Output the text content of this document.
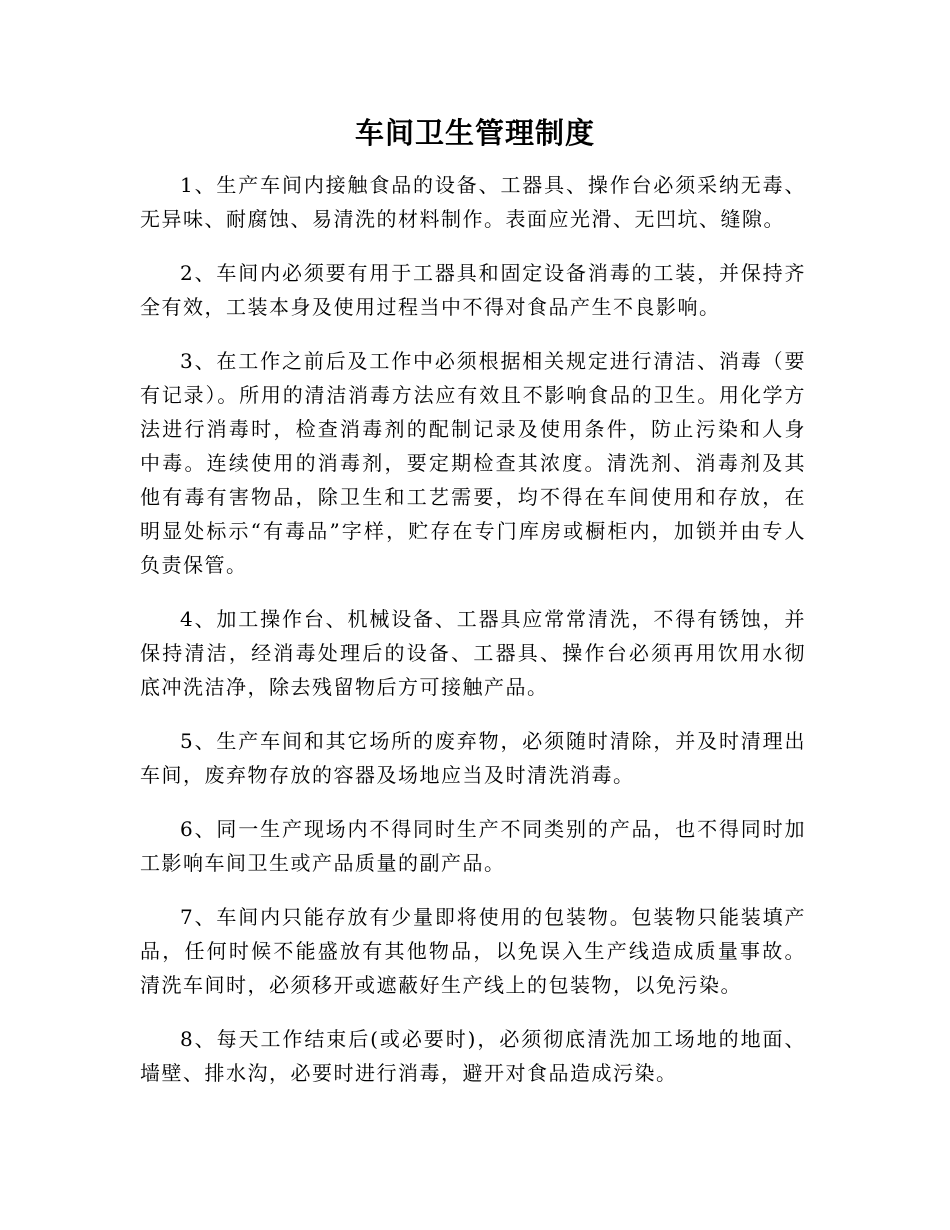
车间卫生管理制度

1、生产车间内接触食品的设备、工器具、操作台必须采纳无毒、无异味、耐腐蚀、易清洗的材料制作。表面应光滑、无凹坑、缝隙。

2、车间内必须要有用于工器具和固定设备消毒的工装，并保持齐全有效，工装本身及使用过程当中不得对食品产生不良影响。

3、在工作之前后及工作中必须根据相关规定进行清洁、消毒（要有记录）。所用的清洁消毒方法应有效且不影响食品的卫生。用化学方法进行消毒时，检查消毒剂的配制记录及使用条件，防止污染和人身中毒。连续使用的消毒剂，要定期检查其浓度。清洗剂、消毒剂及其他有毒有害物品，除卫生和工艺需要，均不得在车间使用和存放，在明显处标示“有毒品”字样，贮存在专门库房或橱柜内，加锁并由专人负责保管。

4、加工操作台、机械设备、工器具应常常清洗，不得有锈蚀，并保持清洁，经消毒处理后的设备、工器具、操作台必须再用饮用水彻底冲洗洁净，除去残留物后方可接触产品。

5、生产车间和其它场所的废弃物，必须随时清除，并及时清理出车间，废弃物存放的容器及场地应当及时清洗消毒。

6、同一生产现场内不得同时生产不同类别的产品，也不得同时加工影响车间卫生或产品质量的副产品。

7、车间内只能存放有少量即将使用的包装物。包装物只能装填产品，任何时候不能盛放有其他物品，以免误入生产线造成质量事故。清洗车间时，必须移开或遮蔽好生产线上的包装物，以免污染。

8、每天工作结束后(或必要时)，必须彻底清洗加工场地的地面、墙壁、排水沟，必要时进行消毒，避开对食品造成污染。
